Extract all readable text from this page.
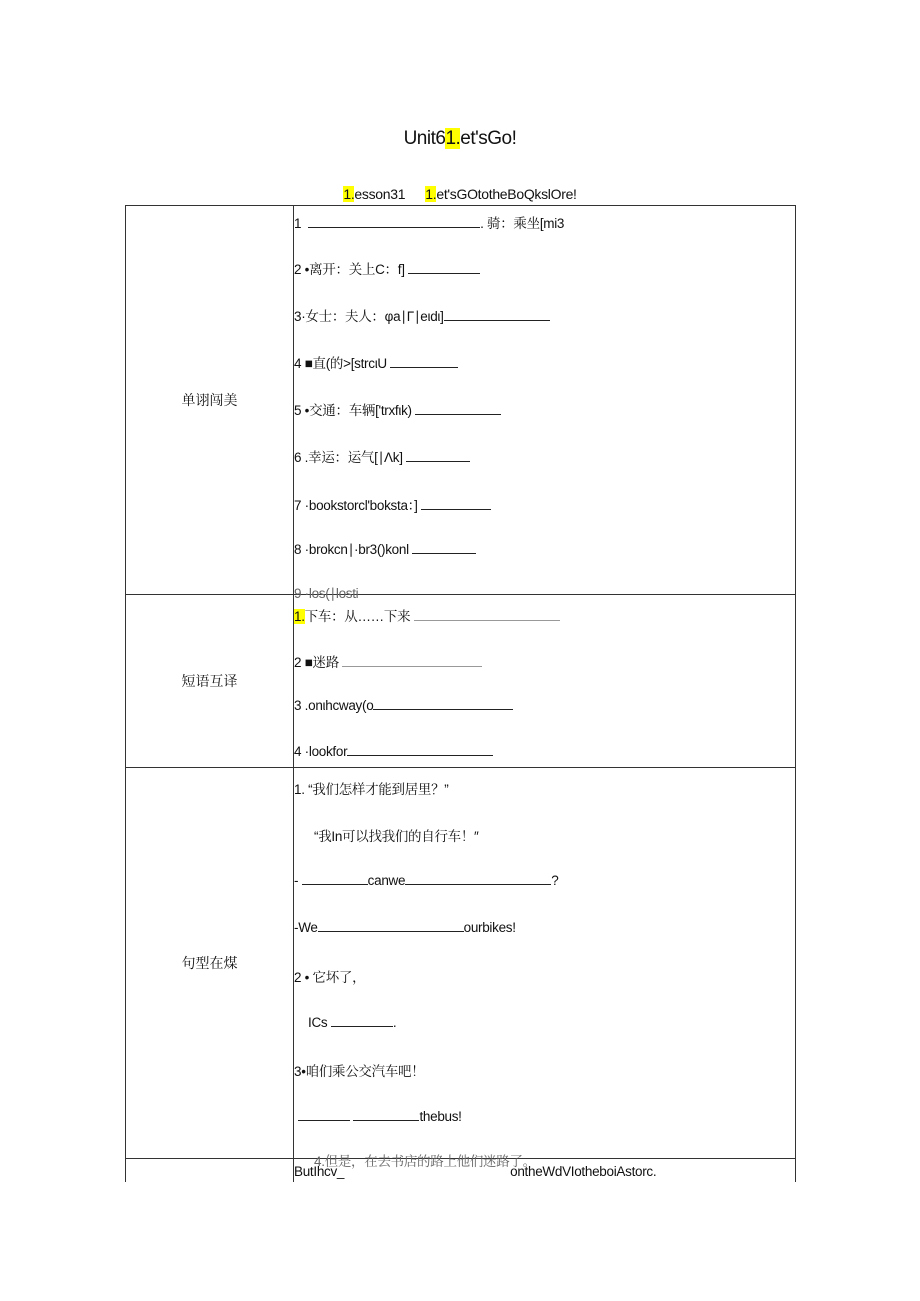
Unit61.et'sGo!
1.esson31 1.et'sGOtotheBoQkslOre!
单诩闯美
1	. 骑：乘坐[mi3
2 •离开：关上C：f]
3·女士：夫人：φa∣Γ∣eιdι]
4 ■直(的>[strcιU
5 •交通：车辆['trxfιk)
6 .幸运：运气[∣Λk]
7 ·bookstorcl'boksta：]
8 ·brokcn∣·br3()konl
9 ·los(∣losti
短语互译
1.下车：从……下来
2 ■迷路
3 .onιhcway(o
4 ·lookfor
句型在煤
1. “我们怎样才能到居里？”
“我In可以找我们的自行车！″
-	canwe	?
-We	ourbikes!
2 • 它坏了，
ICs	.
3•咱们乘公交汽车吧！
thebus!
4.但是，在去书店的路上他们迷路了。
ButIhcv_	ontheWdVIotheboiAstorc.
